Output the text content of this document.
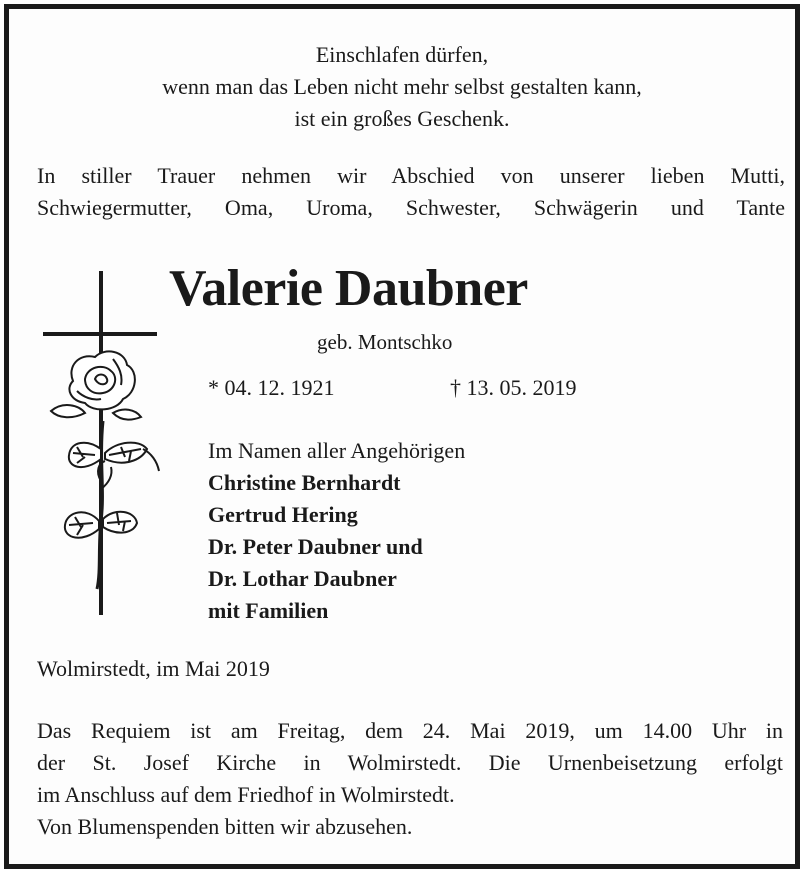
Einschlafen dürfen,
wenn man das Leben nicht mehr selbst gestalten kann,
ist ein großes Geschenk.
In stiller Trauer nehmen wir Abschied von unserer lieben Mutti,
Schwiegermutter, Oma, Uroma, Schwester, Schwägerin und Tante
Valerie Daubner
geb. Montschko
* 04. 12. 1921	† 13. 05. 2019
Im Namen aller Angehörigen
Christine Bernhardt
Gertrud Hering
Dr. Peter Daubner und
Dr. Lothar Daubner
mit Familien
Wolmirstedt, im Mai 2019
Das Requiem ist am Freitag, dem 24. Mai 2019, um 14.00 Uhr in
der St. Josef Kirche in Wolmirstedt. Die Urnenbeisetzung erfolgt
im Anschluss auf dem Friedhof in Wolmirstedt.
Von Blumenspenden bitten wir abzusehen.
